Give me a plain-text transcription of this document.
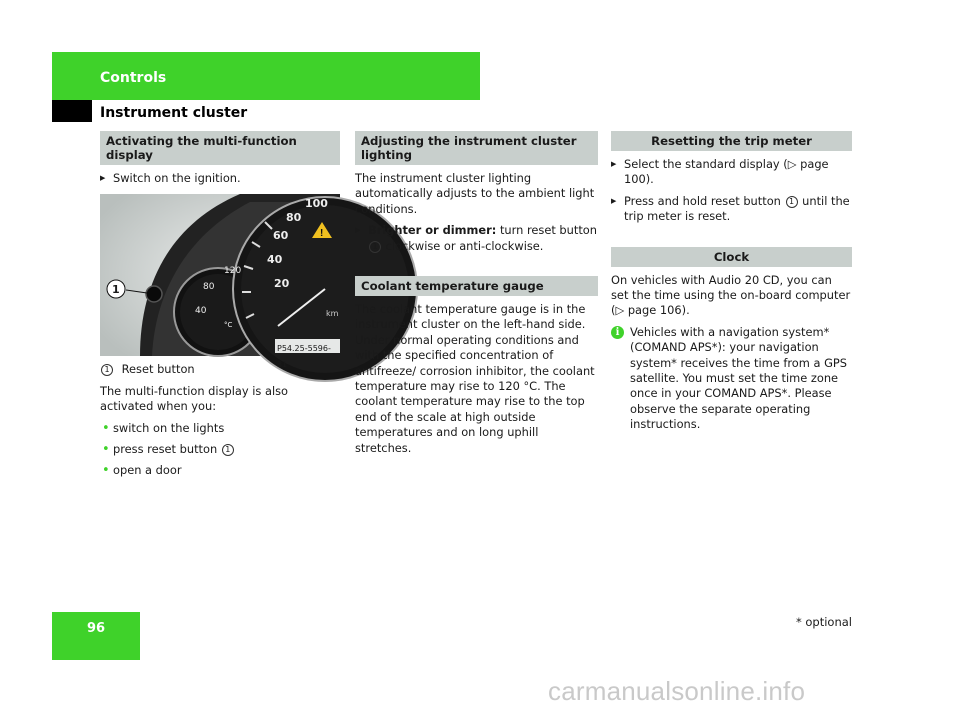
Controls
Instrument cluster
Activating the multi-function display
▶ Switch on the ignition.
!
1
P54.25-5596-31
100
80
60
40
20
120
80
40
°C
km
1 Reset button

The multi-function display is also activated when you:

• switch on the lights
• press reset button 1
• open a door
Adjusting the instrument cluster lighting

The instrument cluster lighting automatically adjusts to the ambient light conditions.

▶ Brighter or dimmer: turn reset button
1 clockwise or anti-clockwise.
Coolant temperature gauge

The coolant temperature gauge is in the instrument cluster on the left-hand side. Under normal operating conditions and with the specified concentration of antifreeze/ corrosion inhibitor, the coolant temperature may rise to 120 °C. The coolant temperature may rise to the top end of the scale at high outside temperatures and on long uphill stretches.

Resetting the trip meter
▶ Select the standard display (▷ page 100).
▶ Press and hold reset button 1 until the trip meter is reset.
Clock

On vehicles with Audio 20 CD, you can set the time using the on-board computer (▷ page 106).

i Vehicles with a navigation system* (COMAND APS*): your navigation system* receives the time from a GPS satellite. You must set the time zone once in your COMAND APS*. Please observe the separate operating instructions.
96	* optional
carmanualsonline.info
